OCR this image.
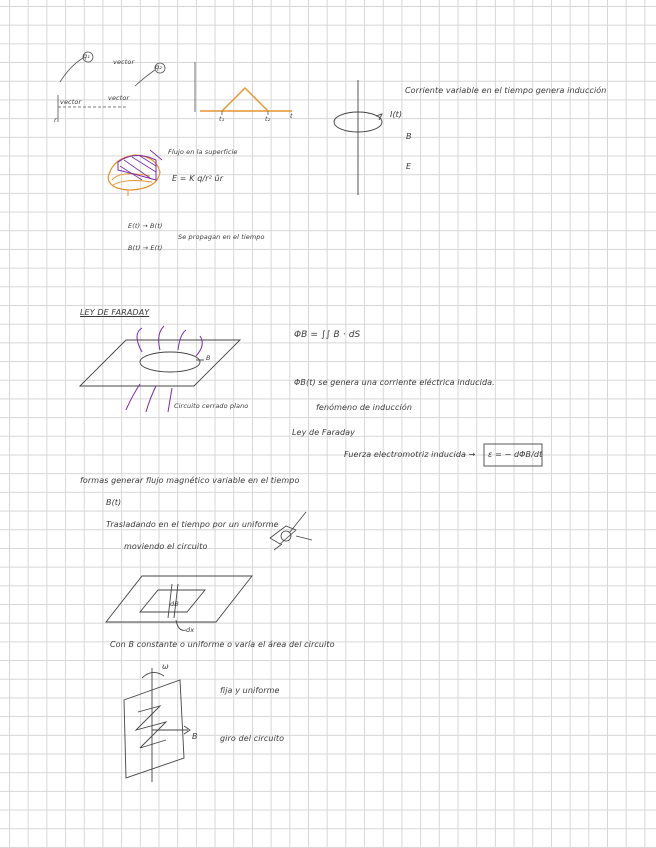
q₁
q₂
vector
vector	vector
r	t
t₁	t₂	I(t)
B
E
Corriente variable en el tiempo genera inducción
Flujo en la superficie
E = K q/r² ûr
E(t) → B(t)
B(t) → E(t)
Se propagan en el tiempo
LEY DE FARADAY
B
Circuito cerrado plano
ΦB = ∫∫ B · dS
ΦB(t) se genera una corriente eléctrica inducida.
fenómeno de inducción
Ley de Faraday
Fuerza electromotriz inducida → ε = − dΦB/dt
formas generar flujo magnético variable en el tiempo
B(t)
Trasladando en el tiempo por un uniforme
moviendo el circuito
dB
dx
Con B constante o uniforme o varía el área del circuito
ω
B
fija y uniforme
giro del circuito
